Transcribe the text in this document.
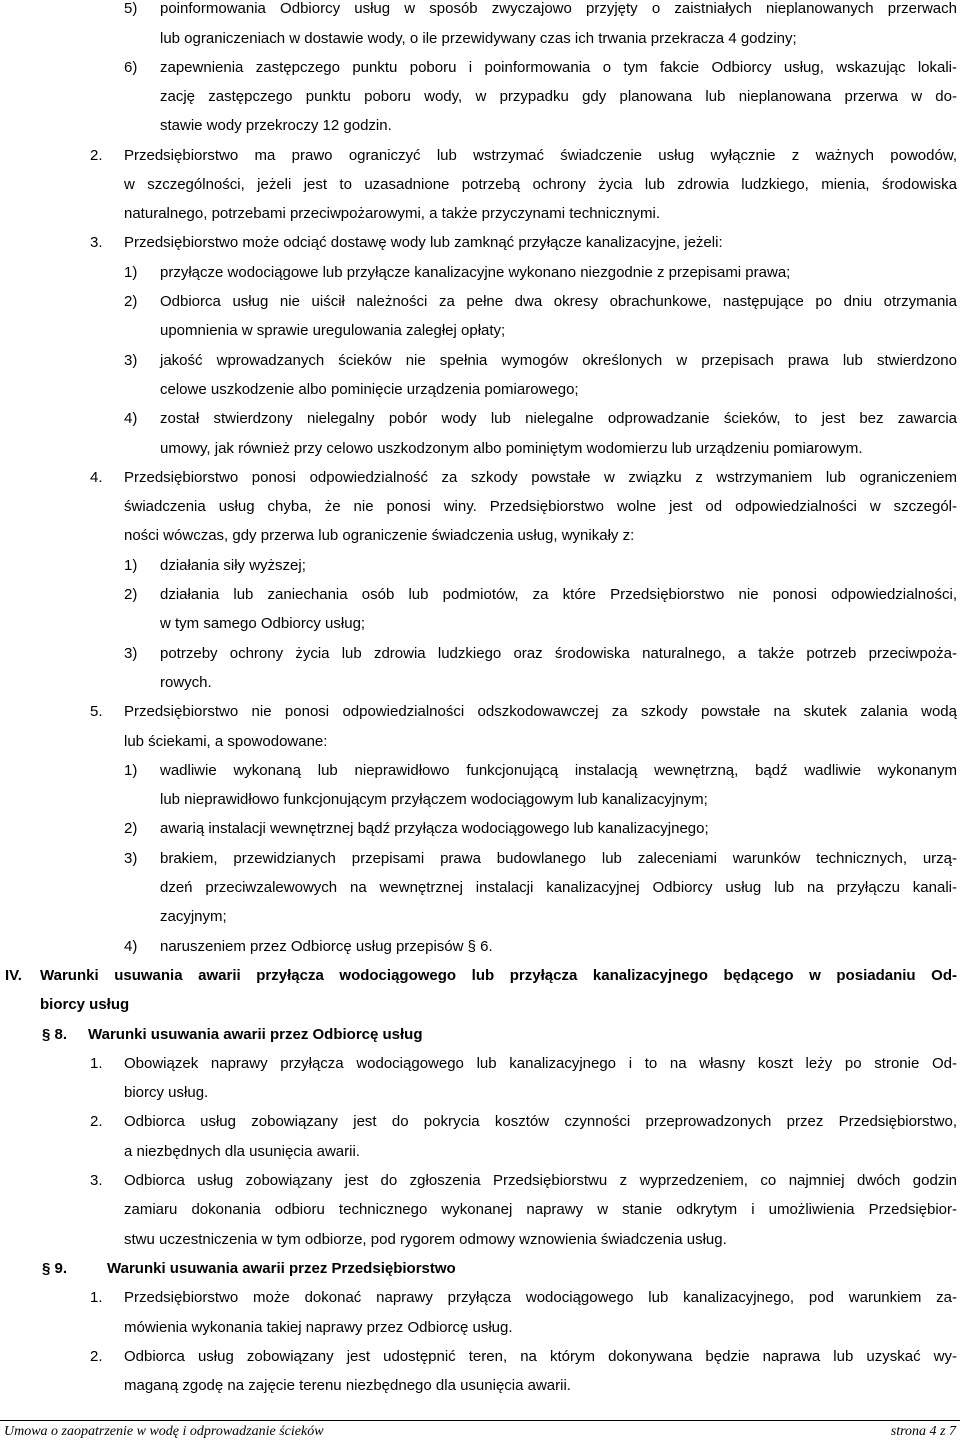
5) poinformowania Odbiorcy usług w sposób zwyczajowo przyjęty o zaistniałych nieplanowanych przerwach
lub ograniczeniach w dostawie wody, o ile przewidywany czas ich trwania przekracza 4 godziny;
6) zapewnienia zastępczego punktu poboru i poinformowania o tym fakcie Odbiorcy usług, wskazując lokali-
zację zastępczego punktu poboru wody, w przypadku gdy planowana lub nieplanowana przerwa w do-
stawie wody przekroczy 12 godzin.
2. Przedsiębiorstwo ma prawo ograniczyć lub wstrzymać świadczenie usług wyłącznie z ważnych powodów,
w szczególności, jeżeli jest to uzasadnione potrzebą ochrony życia lub zdrowia ludzkiego, mienia, środowiska
naturalnego, potrzebami przeciwpożarowymi, a także przyczynami technicznymi.
3. Przedsiębiorstwo może odciąć dostawę wody lub zamknąć przyłącze kanalizacyjne, jeżeli:
1) przyłącze wodociągowe lub przyłącze kanalizacyjne wykonano niezgodnie z przepisami prawa;
2) Odbiorca usług nie uiścił należności za pełne dwa okresy obrachunkowe, następujące po dniu otrzymania
upomnienia w sprawie uregulowania zaległej opłaty;
3) jakość wprowadzanych ścieków nie spełnia wymogów określonych w przepisach prawa lub stwierdzono
celowe uszkodzenie albo pominięcie urządzenia pomiarowego;
4) został stwierdzony nielegalny pobór wody lub nielegalne odprowadzanie ścieków, to jest bez zawarcia
umowy, jak również przy celowo uszkodzonym albo pominiętym wodomierzu lub urządzeniu pomiarowym.
4. Przedsiębiorstwo ponosi odpowiedzialność za szkody powstałe w związku z wstrzymaniem lub ograniczeniem
świadczenia usług chyba, że nie ponosi winy. Przedsiębiorstwo wolne jest od odpowiedzialności w szczegól-
ności wówczas, gdy przerwa lub ograniczenie świadczenia usług, wynikały z:
1) działania siły wyższej;
2) działania lub zaniechania osób lub podmiotów, za które Przedsiębiorstwo nie ponosi odpowiedzialności,
w tym samego Odbiorcy usług;
3) potrzeby ochrony życia lub zdrowia ludzkiego oraz środowiska naturalnego, a także potrzeb przeciwpoża-
rowych.
5. Przedsiębiorstwo nie ponosi odpowiedzialności odszkodowawczej za szkody powstałe na skutek zalania wodą
lub ściekami, a spowodowane:
1) wadliwie wykonaną lub nieprawidłowo funkcjonującą instalacją wewnętrzną, bądź wadliwie wykonanym
lub nieprawidłowo funkcjonującym przyłączem wodociągowym lub kanalizacyjnym;
2) awarią instalacji wewnętrznej bądź przyłącza wodociągowego lub kanalizacyjnego;
3) brakiem, przewidzianych przepisami prawa budowlanego lub zaleceniami warunków technicznych, urzą-
dzeń przeciwzalewowych na wewnętrznej instalacji kanalizacyjnej Odbiorcy usług lub na przyłączu kanali-
zacyjnym;
4) naruszeniem przez Odbiorcę usług przepisów § 6.
IV. Warunki usuwania awarii przyłącza wodociągowego lub przyłącza kanalizacyjnego będącego w posiadaniu Od-
biorcy usług
§ 8. Warunki usuwania awarii przez Odbiorcę usług
1. Obowiązek naprawy przyłącza wodociągowego lub kanalizacyjnego i to na własny koszt leży po stronie Od-
biorcy usług.
2. Odbiorca usług zobowiązany jest do pokrycia kosztów czynności przeprowadzonych przez Przedsiębiorstwo,
a niezbędnych dla usunięcia awarii.
3. Odbiorca usług zobowiązany jest do zgłoszenia Przedsiębiorstwu z wyprzedzeniem, co najmniej dwóch godzin
zamiaru dokonania odbioru technicznego wykonanej naprawy w stanie odkrytym i umożliwienia Przedsiębior-
stwu uczestniczenia w tym odbiorze, pod rygorem odmowy wznowienia świadczenia usług.
§ 9.	Warunki usuwania awarii przez Przedsiębiorstwo
1. Przedsiębiorstwo może dokonać naprawy przyłącza wodociągowego lub kanalizacyjnego, pod warunkiem za-
mówienia wykonania takiej naprawy przez Odbiorcę usług.
2. Odbiorca usług zobowiązany jest udostępnić teren, na którym dokonywana będzie naprawa lub uzyskać wy-
maganą zgodę na zajęcie terenu niezbędnego dla usunięcia awarii.
Umowa o zaopatrzenie w wodę i odprowadzanie ścieków	strona 4 z 7
